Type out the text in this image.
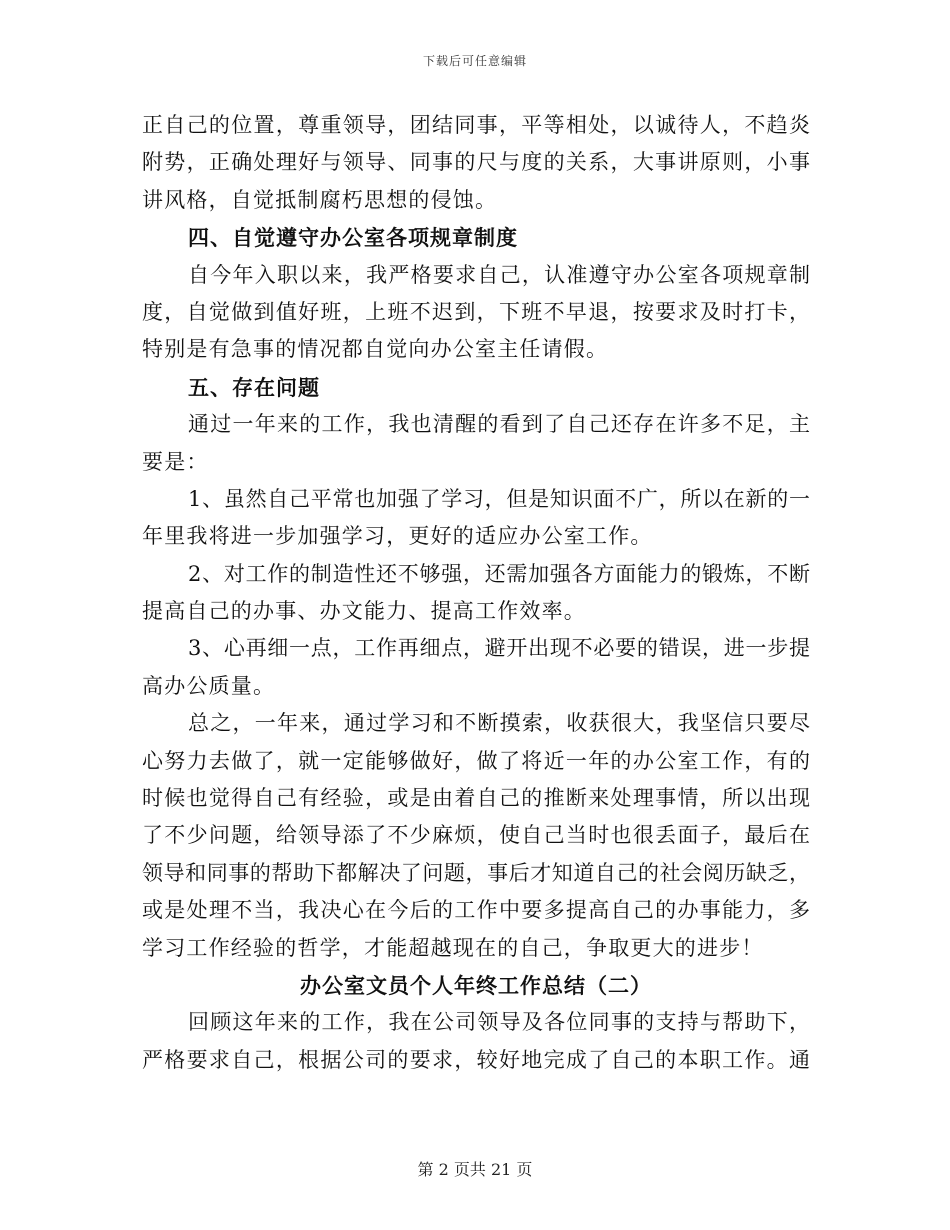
下载后可任意编辑
正自己的位置，尊重领导，团结同事，平等相处，以诚待人，不趋炎
附势，正确处理好与领导、同事的尺与度的关系，大事讲原则，小事
讲风格，自觉抵制腐朽思想的侵蚀。
四、自觉遵守办公室各项规章制度
自今年入职以来，我严格要求自己，认准遵守办公室各项规章制
度，自觉做到值好班，上班不迟到，下班不早退，按要求及时打卡，
特别是有急事的情况都自觉向办公室主任请假。
五、存在问题
通过一年来的工作，我也清醒的看到了自己还存在许多不足，主
要是：
1、虽然自己平常也加强了学习，但是知识面不广，所以在新的一
年里我将进一步加强学习，更好的适应办公室工作。
2、对工作的制造性还不够强，还需加强各方面能力的锻炼，不断
提高自己的办事、办文能力、提高工作效率。
3、心再细一点，工作再细点，避开出现不必要的错误，进一步提
高办公质量。
总之，一年来，通过学习和不断摸索，收获很大，我坚信只要尽
心努力去做了，就一定能够做好，做了将近一年的办公室工作，有的
时候也觉得自己有经验，或是由着自己的推断来处理事情，所以出现
了不少问题，给领导添了不少麻烦，使自己当时也很丢面子，最后在
领导和同事的帮助下都解决了问题，事后才知道自己的社会阅历缺乏，
或是处理不当，我决心在今后的工作中要多提高自己的办事能力，多
学习工作经验的哲学，才能超越现在的自己，争取更大的进步！
办公室文员个人年终工作总结（二）
回顾这年来的工作，我在公司领导及各位同事的支持与帮助下，
严格要求自己，根据公司的要求，较好地完成了自己的本职工作。通
第 2 页共 21 页
